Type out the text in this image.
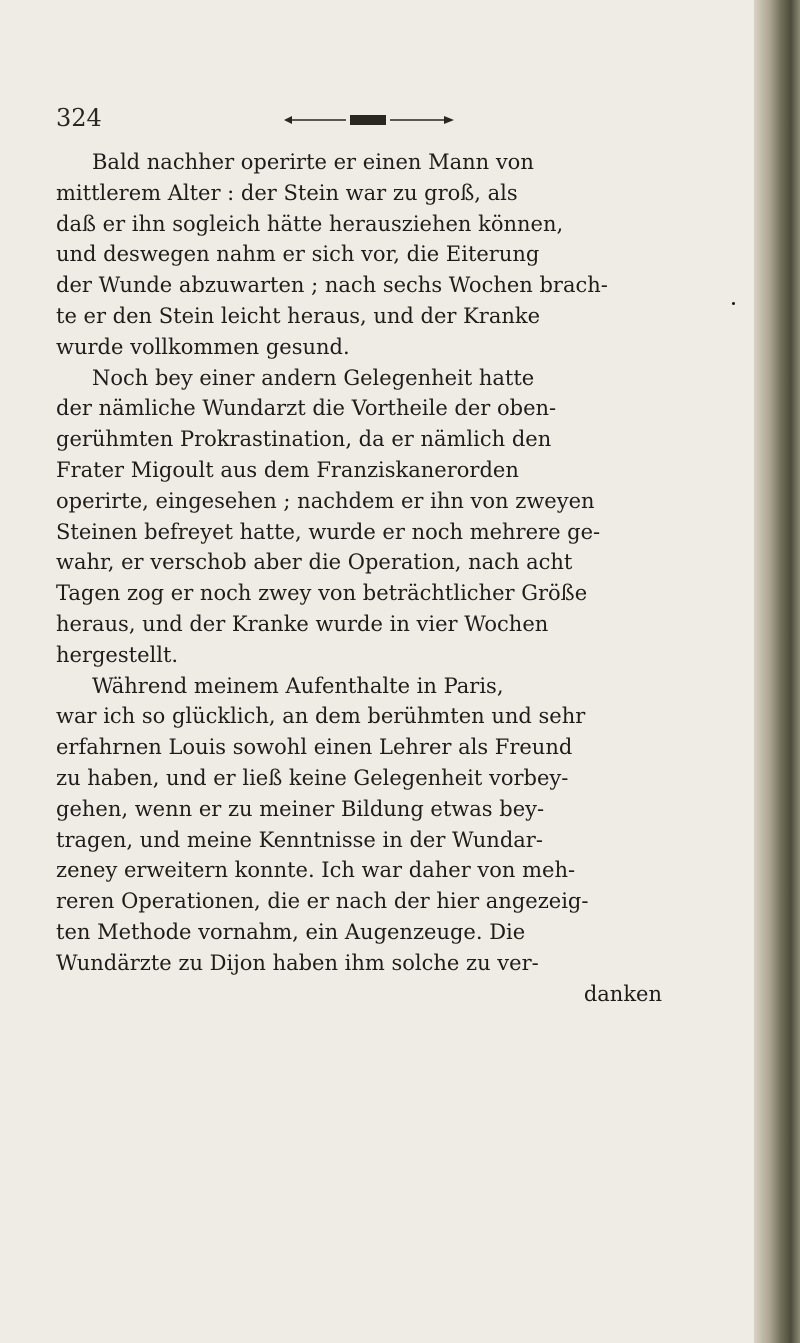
324
Bald nachher operirte er einen Mann von
mittlerem Alter : der Stein war zu groß, als
daß er ihn sogleich hätte herausziehen können,
und deswegen nahm er sich vor, die Eiterung
der Wunde abzuwarten ; nach sechs Wochen brach-
te er den Stein leicht heraus, und der Kranke
wurde vollkommen gesund.
Noch bey einer andern Gelegenheit hatte
der nämliche Wundarzt die Vortheile der oben-
gerühmten Prokrastination, da er nämlich den
Frater Migoult aus dem Franziskanerorden
operirte, eingesehen ; nachdem er ihn von zweyen
Steinen befreyet hatte, wurde er noch mehrere ge-
wahr, er verschob aber die Operation, nach acht
Tagen zog er noch zwey von beträchtlicher Größe
heraus, und der Kranke wurde in vier Wochen
hergestellt.
Während meinem Aufenthalte in Paris,
war ich so glücklich, an dem berühmten und sehr
erfahrnen Louis sowohl einen Lehrer als Freund
zu haben, und er ließ keine Gelegenheit vorbey-
gehen, wenn er zu meiner Bildung etwas bey-
tragen, und meine Kenntnisse in der Wundar-
zeney erweitern konnte. Ich war daher von meh-
reren Operationen, die er nach der hier angezeig-
ten Methode vornahm, ein Augenzeuge. Die
Wundärzte zu Dijon haben ihm solche zu ver-
danken
